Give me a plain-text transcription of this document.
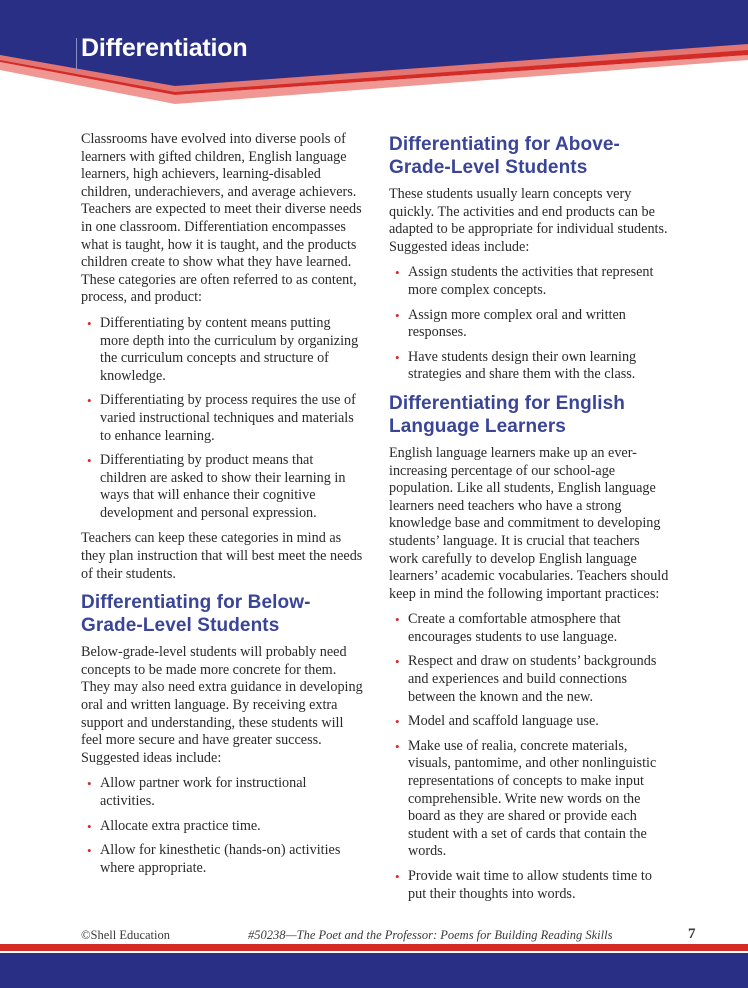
Differentiation

Classrooms have evolved into diverse pools of learners with gifted children, English language learners, high achievers, learning-disabled children, underachievers, and average achievers. Teachers are expected to meet their diverse needs in one classroom. Differentiation encompasses what is taught, how it is taught, and the products children create to show what they have learned. These categories are often referred to as content, process, and product:

• Differentiating by content means putting more depth into the curriculum by organizing the curriculum concepts and structure of knowledge.
• Differentiating by process requires the use of varied instructional techniques and materials to enhance learning.
• Differentiating by product means that children are asked to show their learning in ways that will enhance their cognitive development and personal expression.

Teachers can keep these categories in mind as they plan instruction that will best meet the needs of their students.

Differentiating for Below-Grade-Level Students

Below-grade-level students will probably need concepts to be made more concrete for them. They may also need extra guidance in developing oral and written language. By receiving extra support and understanding, these students will feel more secure and have greater success. Suggested ideas include:

• Allow partner work for instructional activities.
• Allocate extra practice time.
• Allow for kinesthetic (hands-on) activities where appropriate.
Differentiating for Above-Grade-Level Students

These students usually learn concepts very quickly. The activities and end products can be adapted to be appropriate for individual students. Suggested ideas include:

• Assign students the activities that represent more complex concepts.
• Assign more complex oral and written responses.
• Have students design their own learning strategies and share them with the class.
Differentiating for English Language Learners

English language learners make up an ever-increasing percentage of our school-age population. Like all students, English language learners need teachers who have a strong knowledge base and commitment to developing students’ language. It is crucial that teachers work carefully to develop English language learners’ academic vocabularies. Teachers should keep in mind the following important practices:

• Create a comfortable atmosphere that encourages students to use language.
• Respect and draw on students’ backgrounds and experiences and build connections between the known and the new.
• Model and scaffold language use.
• Make use of realia, concrete materials, visuals, pantomime, and other nonlinguistic representations of concepts to make input comprehensible. Write new words on the board as they are shared or provide each student with a set of cards that contain the words.
• Provide wait time to allow students time to put their thoughts into words.
©Shell Education	#50238—The Poet and the Professor: Poems for Building Reading Skills	7
